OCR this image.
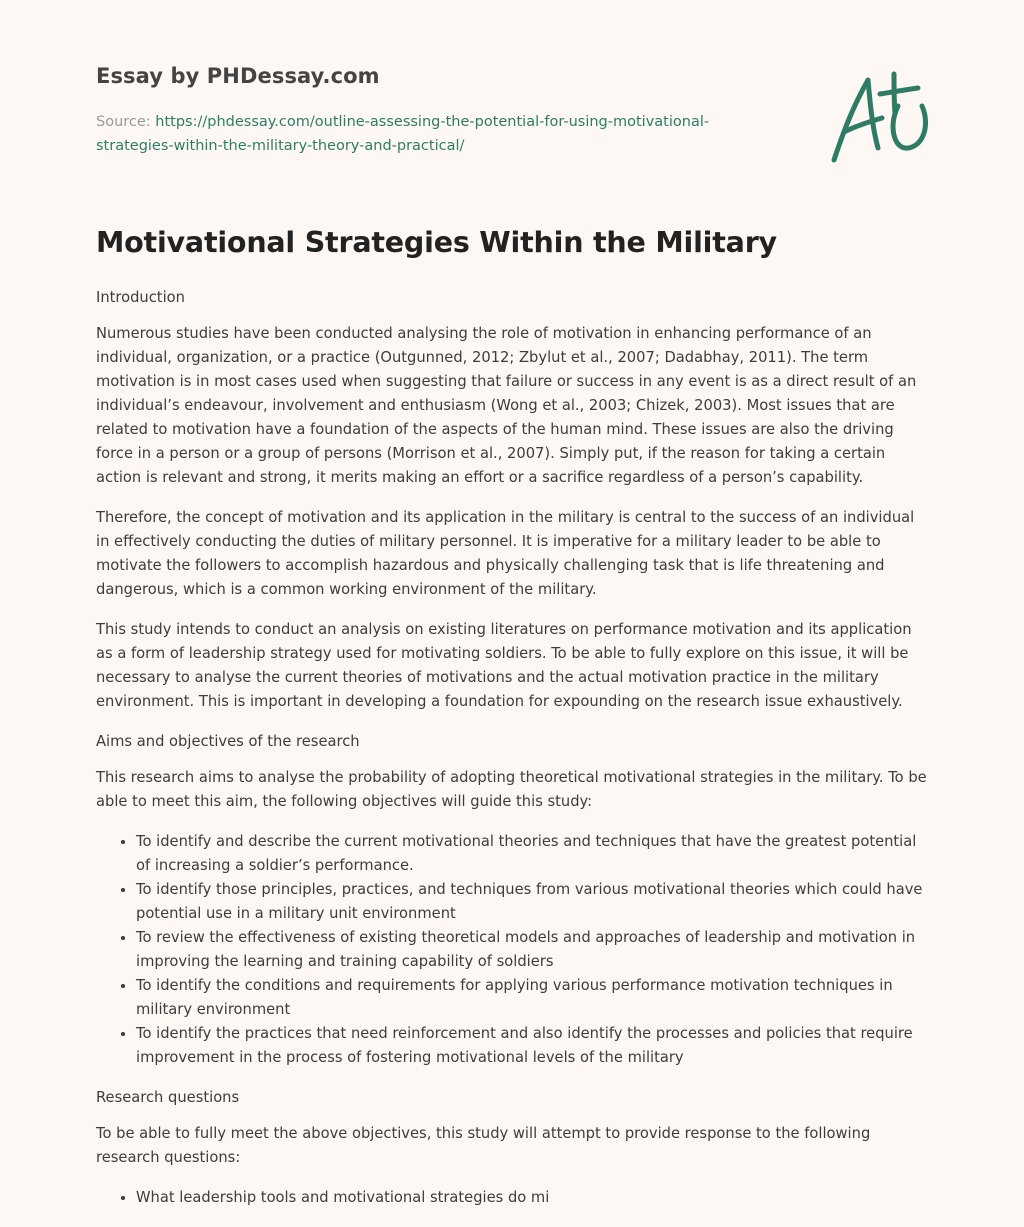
Essay by PHDessay.com

Source: https://phdessay.com/outline-assessing-the-potential-for-using-motivational-strategies-within-the-military-theory-and-practical/

Motivational Strategies Within the Military

Introduction

Numerous studies have been conducted analysing the role of motivation in enhancing performance of an individual, organization, or a practice (Outgunned, 2012; Zbylut et al., 2007; Dadabhay, 2011). The term motivation is in most cases used when suggesting that failure or success in any event is as a direct result of an individual’s endeavour, involvement and enthusiasm (Wong et al., 2003; Chizek, 2003). Most issues that are related to motivation have a foundation of the aspects of the human mind. These issues are also the driving force in a person or a group of persons (Morrison et al., 2007). Simply put, if the reason for taking a certain action is relevant and strong, it merits making an effort or a sacrifice regardless of a person’s capability.

Therefore, the concept of motivation and its application in the military is central to the success of an individual in effectively conducting the duties of military personnel. It is imperative for a military leader to be able to motivate the followers to accomplish hazardous and physically challenging task that is life threatening and dangerous, which is a common working environment of the military.

This study intends to conduct an analysis on existing literatures on performance motivation and its application as a form of leadership strategy used for motivating soldiers. To be able to fully explore on this issue, it will be necessary to analyse the current theories of motivations and the actual motivation practice in the military environment. This is important in developing a foundation for expounding on the research issue exhaustively.

Aims and objectives of the research

This research aims to analyse the probability of adopting theoretical motivational strategies in the military. To be able to meet this aim, the following objectives will guide this study:

• To identify and describe the current motivational theories and techniques that have the greatest potential of increasing a soldier’s performance.
• To identify those principles, practices, and techniques from various motivational theories which could have potential use in a military unit environment
• To review the effectiveness of existing theoretical models and approaches of leadership and motivation in improving the learning and training capability of soldiers
• To identify the conditions and requirements for applying various performance motivation techniques in military environment
• To identify the practices that need reinforcement and also identify the processes and policies that require improvement in the process of fostering motivational levels of the military

Research questions

To be able to fully meet the above objectives, this study will attempt to provide response to the following research questions:

• What leadership tools and motivational strategies do mi
